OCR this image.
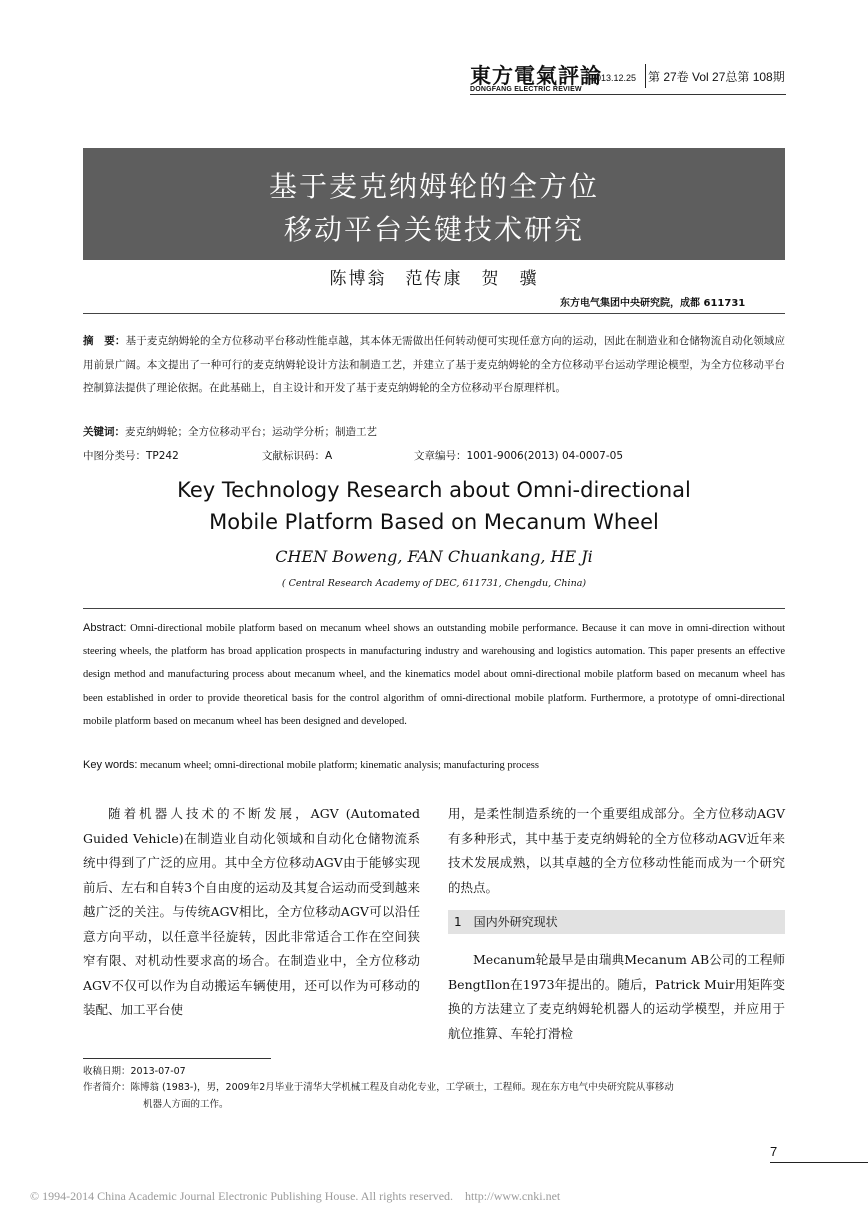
東方電氣評論
DONGFANG ELECTRIC REVIEW
2013.12.25 第 27卷 Vol 27总第 108期
基于麦克纳姆轮的全方位
移动平台关键技术研究
陈博翁　范传康　贺　骥
东方电气集团中央研究院，成都 611731
摘　要：基于麦克纳姆轮的全方位移动平台移动性能卓越，其本体无需做出任何转动便可实现任意方向的运动，因此在制造业和仓储物流自动化领域应用前景广阔。本文提出了一种可行的麦克纳姆轮设计方法和制造工艺，并建立了基于麦克纳姆轮的全方位移动平台运动学理论模型，为全方位移动平台控制算法提供了理论依据。在此基础上，自主设计和开发了基于麦克纳姆轮的全方位移动平台原理样机。
关键词：麦克纳姆轮；全方位移动平台；运动学分析；制造工艺
中图分类号：TP242	文献标识码：A	文章编号：1001-9006(2013) 04-0007-05
Key Technology Research about Omni-directional
Mobile Platform Based on Mecanum Wheel
CHEN Boweng, FAN Chuankang, HE Ji
( Central Research Academy of DEC, 611731, Chengdu, China)
Abstract: Omni-directional mobile platform based on mecanum wheel shows an outstanding mobile performance. Because it can move in omni-direction without steering wheels, the platform has broad application prospects in manufacturing industry and warehousing and logistics automation. This paper presents an effective design method and manufacturing process about mecanum wheel, and the kinematics model about omni-directional mobile platform based on mecanum wheel has been established in order to provide theoretical basis for the control algorithm of omni-directional mobile platform. Furthermore, a prototype of omni-directional mobile platform based on mecanum wheel has been designed and developed.
Key words: mecanum wheel; omni-directional mobile platform; kinematic analysis; manufacturing process

随着机器人技术的不断发展，AGV (Automated Guided Vehicle)在制造业自动化领域和自动化仓储物流系统中得到了广泛的应用。其中全方位移动AGV由于能够实现前后、左右和自转3个自由度的运动及其复合运动而受到越来越广泛的关注。与传统AGV相比，全方位移动AGV可以沿任意方向平动，以任意半径旋转，因此非常适合工作在空间狭窄有限、对机动性要求高的场合。在制造业中，全方位移动AGV不仅可以作为自动搬运车辆使用，还可以作为可移动的装配、加工平台使

用，是柔性制造系统的一个重要组成部分。全方位移动AGV有多种形式，其中基于麦克纳姆轮的全方位移动AGV近年来技术发展成熟，以其卓越的全方位移动性能而成为一个研究的热点。

1　国内外研究现状

Mecanum轮最早是由瑞典Mecanum AB公司的工程师BengtIlon在1973年提出的。随后，Patrick Muir用矩阵变换的方法建立了麦克纳姆轮机器人的运动学模型，并应用于航位推算、车轮打滑检

收稿日期：2013-07-07
作者简介：陈博翁 (1983-)，男，2009年2月毕业于清华大学机械工程及自动化专业，工学硕士，工程师。现在东方电气中央研究院从事移动
机器人方面的工作。
7
© 1994-2014 China Academic Journal Electronic Publishing House. All rights reserved.　http://www.cnki.net
